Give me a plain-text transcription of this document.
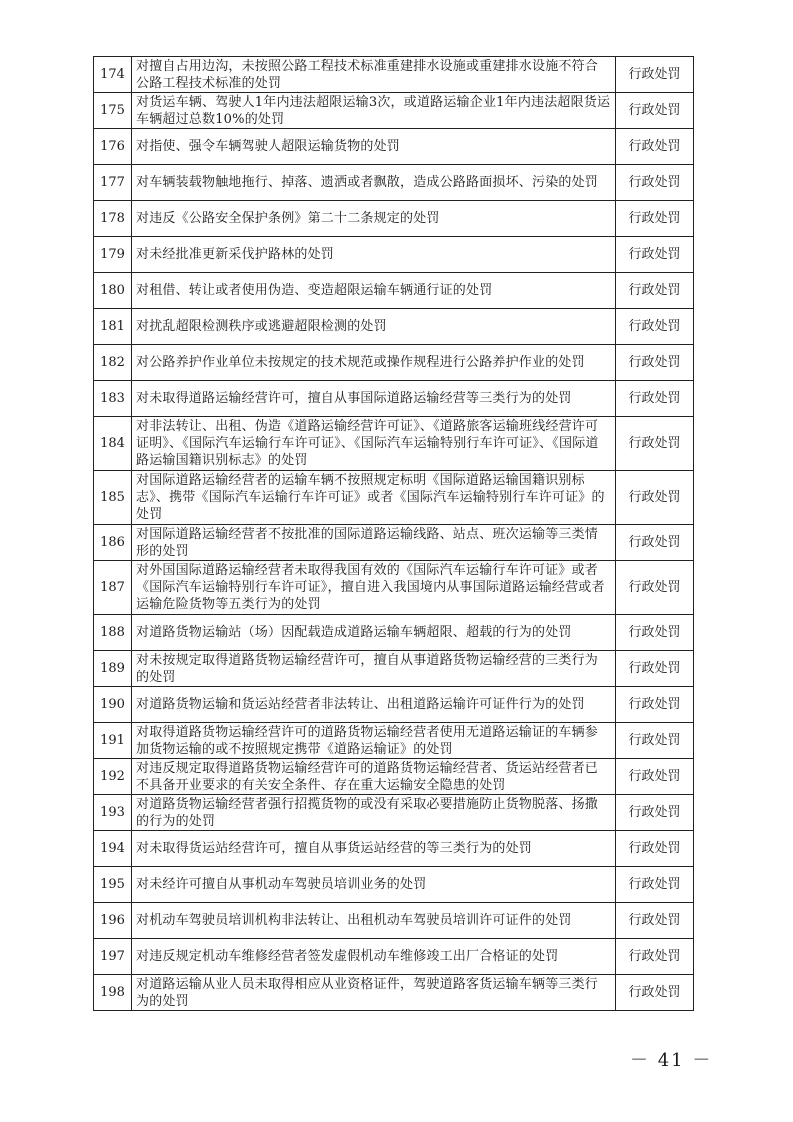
174	对擅自占用边沟，未按照公路工程技术标准重建排水设施或重建排水设施不符合公路工程技术标准的处罚	行政处罚
175	对货运车辆、驾驶人1年内违法超限运输3次，或道路运输企业1年内违法超限货运车辆超过总数10%的处罚	行政处罚
176	对指使、强令车辆驾驶人超限运输货物的处罚	行政处罚
177	对车辆装载物触地拖行、掉落、遗洒或者飘散，造成公路路面损坏、污染的处罚	行政处罚
178	对违反《公路安全保护条例》第二十二条规定的处罚	行政处罚
179	对未经批准更新采伐护路林的处罚	行政处罚
180	对租借、转让或者使用伪造、变造超限运输车辆通行证的处罚	行政处罚
181	对扰乱超限检测秩序或逃避超限检测的处罚	行政处罚
182	对公路养护作业单位未按规定的技术规范或操作规程进行公路养护作业的处罚	行政处罚
183	对未取得道路运输经营许可，擅自从事国际道路运输经营等三类行为的处罚	行政处罚
184	对非法转让、出租、伪造《道路运输经营许可证》、《道路旅客运输班线经营许可证明》、《国际汽车运输行车许可证》、《国际汽车运输特别行车许可证》、《国际道路运输国籍识别标志》的处罚	行政处罚
185	对国际道路运输经营者的运输车辆不按照规定标明《国际道路运输国籍识别标志》、携带《国际汽车运输行车许可证》或者《国际汽车运输特别行车许可证》的处罚	行政处罚
186	对国际道路运输经营者不按批准的国际道路运输线路、站点、班次运输等三类情形的处罚	行政处罚
187	对外国国际道路运输经营者未取得我国有效的《国际汽车运输行车许可证》或者《国际汽车运输特别行车许可证》，擅自进入我国境内从事国际道路运输经营或者运输危险货物等五类行为的处罚	行政处罚
188	对道路货物运输站（场）因配载造成道路运输车辆超限、超载的行为的处罚	行政处罚
189	对未按规定取得道路货物运输经营许可，擅自从事道路货物运输经营的三类行为的处罚	行政处罚
190	对道路货物运输和货运站经营者非法转让、出租道路运输许可证件行为的处罚	行政处罚
191	对取得道路货物运输经营许可的道路货物运输经营者使用无道路运输证的车辆参加货物运输的或不按照规定携带《道路运输证》的处罚	行政处罚
192	对违反规定取得道路货物运输经营许可的道路货物运输经营者、货运站经营者已不具备开业要求的有关安全条件、存在重大运输安全隐患的处罚	行政处罚
193	对道路货物运输经营者强行招揽货物的或没有采取必要措施防止货物脱落、扬撒的行为的处罚	行政处罚
194	对未取得货运站经营许可，擅自从事货运站经营的等三类行为的处罚	行政处罚
195	对未经许可擅自从事机动车驾驶员培训业务的处罚	行政处罚
196	对机动车驾驶员培训机构非法转让、出租机动车驾驶员培训许可证件的处罚	行政处罚
197	对违反规定机动车维修经营者签发虚假机动车维修竣工出厂合格证的处罚	行政处罚
198	对道路运输从业人员未取得相应从业资格证件，驾驶道路客货运输车辆等三类行为的处罚	行政处罚
－ 41 －
